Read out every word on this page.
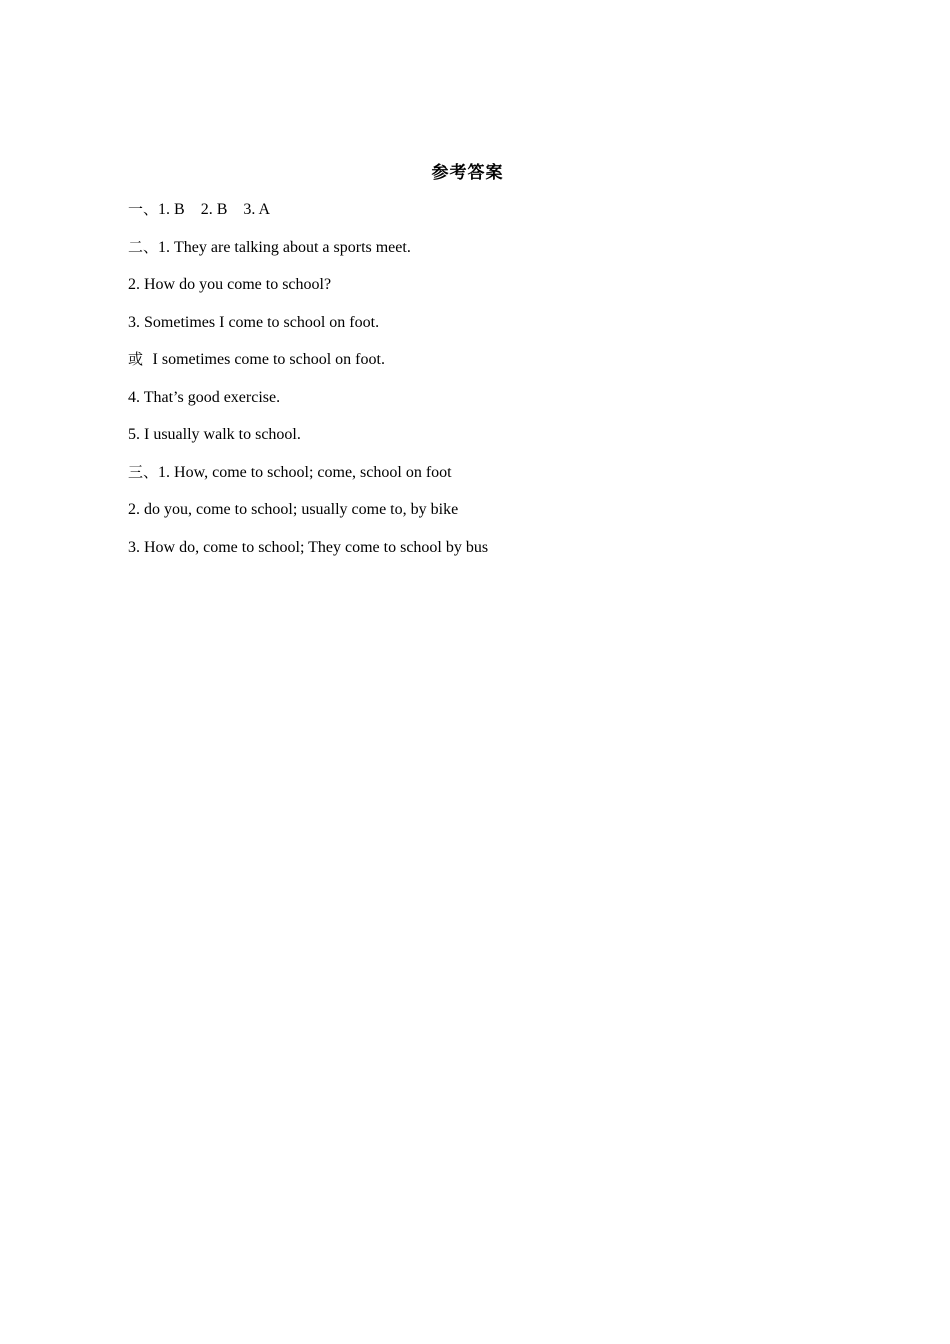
参考答案
一、1. B    2. B    3. A
二、1. They are talking about a sports meet.
2. How do you come to school?
3. Sometimes I come to school on foot.
或  I sometimes come to school on foot.
4. That’s good exercise.
5. I usually walk to school.
三、1. How, come to school; come, school on foot
2. do you, come to school; usually come to, by bike
3. How do, come to school; They come to school by bus
